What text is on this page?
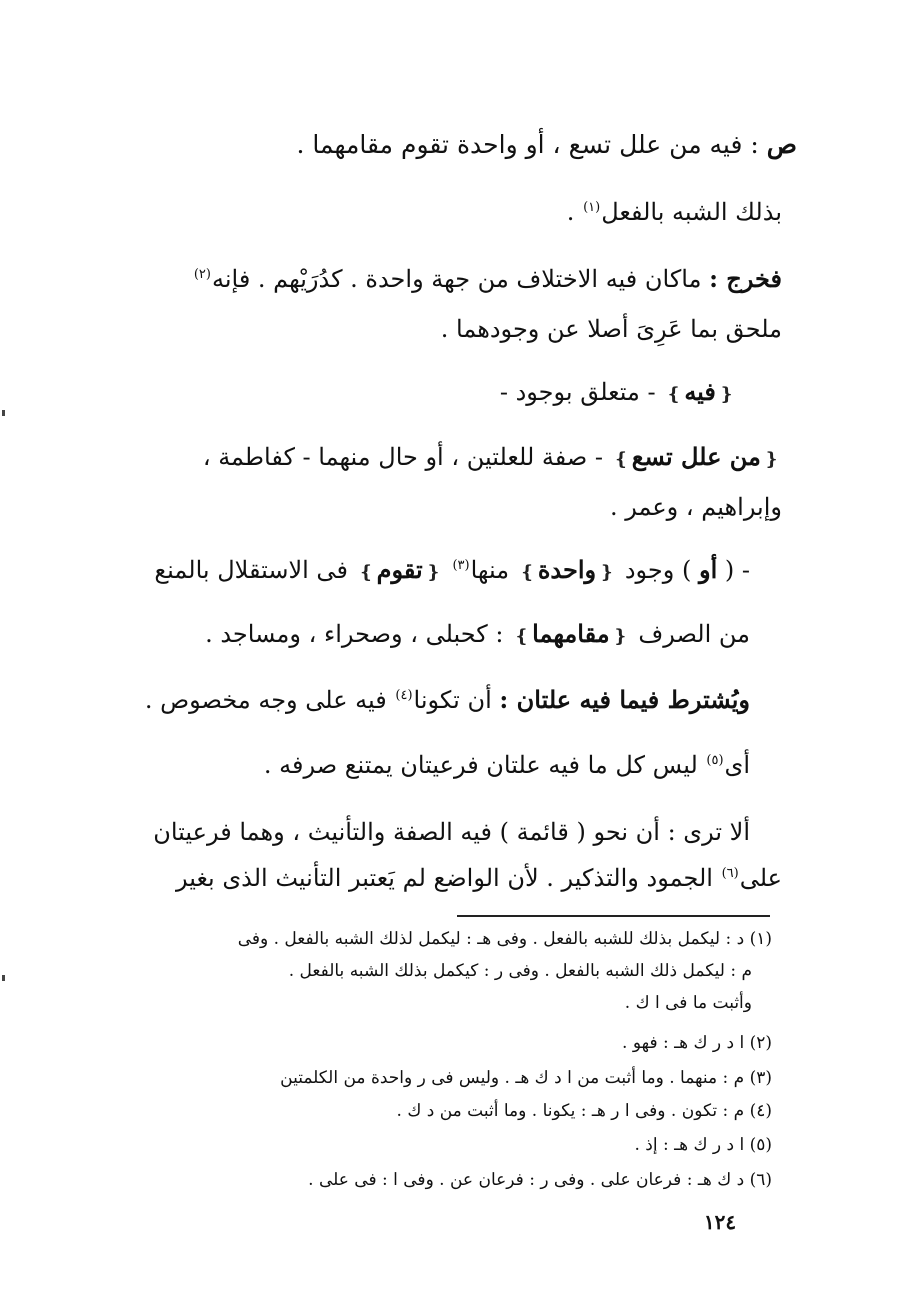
ص : فيه من علل تسع ، أو واحدة تقوم مقامهما .

بذلك الشبه بالفعل$^{(١)}$ .

فخرج : ماكان فيه الاختلاف من جهة واحدة . كدُرَيْهم . فإنه$^{(٢)}$

ملحق بما عَرِىَ أصلا عن وجودهما .

❴فيه❵ - متعلق بوجود -

❴من علل تسع❵ - صفة للعلتين ، أو حال منهما - كفاطمة ،

وإبراهيم ، وعمر .

- ( أو ) وجود ❴واحدة❵ منها$^{(٣)}$ ❴تقوم❵ فى الاستقلال بالمنع

من الصرف ❴مقامهما❵ : كحبلى ، وصحراء ، ومساجد .

ويُشترط فيما فيه علتان : أن تكونا$^{(٤)}$ فيه على وجه مخصوص .

أى$^{(٥)}$ ليس كل ما فيه علتان فرعيتان يمتنع صرفه .

ألا ترى : أن نحو ( قائمة ) فيه الصفة والتأنيث ، وهما فرعيتان

على$^{(٦)}$ الجمود والتذكير . لأن الواضع لم يَعتبر التأنيث الذى بغير

(١) د : ليكمل بذلك للشبه بالفعل . وفى هـ : ليكمل لذلك الشبه بالفعل . وفى

م : ليكمل ذلك الشبه بالفعل . وفى ر : كيكمل بذلك الشبه بالفعل .

وأثبت ما فى ا ك .

(٢) ا د ر ك هـ : فهو .

(٣) م : منهما . وما أثبت من ا د ك هـ . وليس فى ر واحدة من الكلمتين

(٤) م : تكون . وفى ا ر هـ : يكونا . وما أثبت من د ك .

(٥) ا د ر ك هـ : إذ .

(٦) د ك هـ : فرعان على . وفى ر : فرعان عن . وفى ا : فى على .

١٢٤
